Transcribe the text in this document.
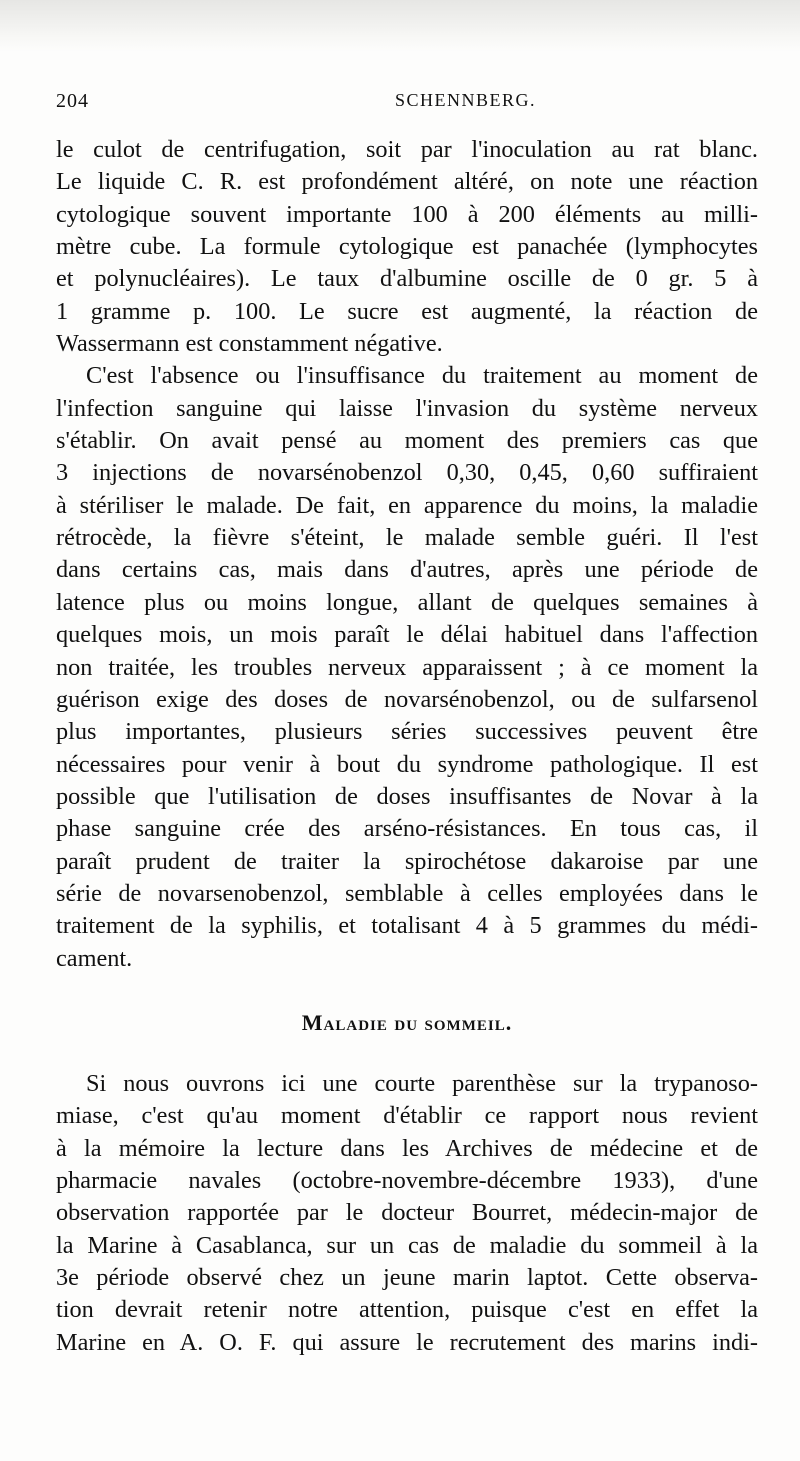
204	SCHENNBERG.
le culot de centrifugation, soit par l'inoculation au rat blanc.
Le liquide C. R. est profondément altéré, on note une réaction
cytologique souvent importante 100 à 200 éléments au milli-
mètre cube. La formule cytologique est panachée (lymphocytes
et polynucléaires). Le taux d'albumine oscille de 0 gr. 5 à
1 gramme p. 100. Le sucre est augmenté, la réaction de
Wassermann est constamment négative.
C'est l'absence ou l'insuffisance du traitement au moment de
l'infection sanguine qui laisse l'invasion du système nerveux
s'établir. On avait pensé au moment des premiers cas que
3 injections de novarsénobenzol 0,30, 0,45, 0,60 suffiraient
à stériliser le malade. De fait, en apparence du moins, la maladie
rétrocède, la fièvre s'éteint, le malade semble guéri. Il l'est
dans certains cas, mais dans d'autres, après une période de
latence plus ou moins longue, allant de quelques semaines à
quelques mois, un mois paraît le délai habituel dans l'affection
non traitée, les troubles nerveux apparaissent ; à ce moment la
guérison exige des doses de novarsénobenzol, ou de sulfarsenol
plus importantes, plusieurs séries successives peuvent être
nécessaires pour venir à bout du syndrome pathologique. Il est
possible que l'utilisation de doses insuffisantes de Novar à la
phase sanguine crée des arséno-résistances. En tous cas, il
paraît prudent de traiter la spirochétose dakaroise par une
série de novarsenobenzol, semblable à celles employées dans le
traitement de la syphilis, et totalisant 4 à 5 grammes du médi-
cament.
Maladie du sommeil.
Si nous ouvrons ici une courte parenthèse sur la trypanoso-
miase, c'est qu'au moment d'établir ce rapport nous revient
à la mémoire la lecture dans les Archives de médecine et de
pharmacie navales (octobre-novembre-décembre 1933), d'une
observation rapportée par le docteur Bourret, médecin-major de
la Marine à Casablanca, sur un cas de maladie du sommeil à la
3e période observé chez un jeune marin laptot. Cette observa-
tion devrait retenir notre attention, puisque c'est en effet la
Marine en A. O. F. qui assure le recrutement des marins indi-
